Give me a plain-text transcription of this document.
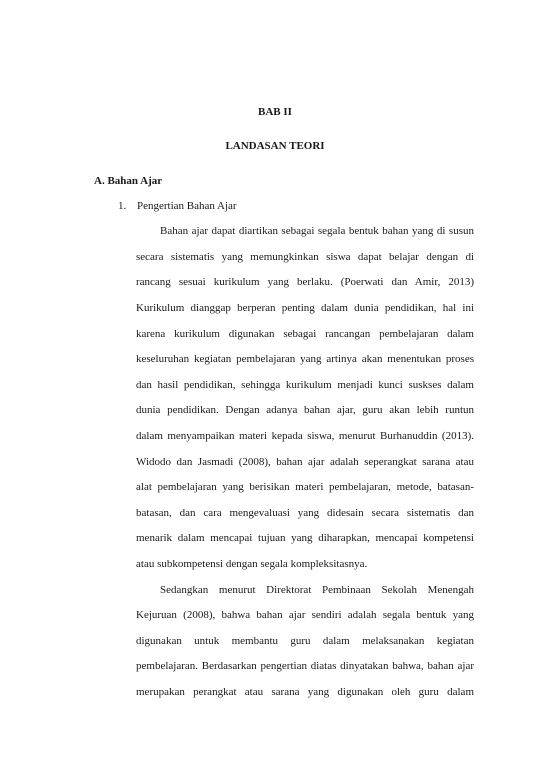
BAB II
LANDASAN TEORI
A. Bahan Ajar
1. Pengertian Bahan Ajar
Bahan ajar dapat diartikan sebagai segala bentuk bahan yang di susun
secara sistematis yang memungkinkan siswa dapat belajar dengan di
rancang sesuai kurikulum yang berlaku. (Poerwati dan Amir, 2013)
Kurikulum dianggap berperan penting dalam dunia pendidikan, hal ini
karena kurikulum digunakan sebagai rancangan pembelajaran dalam
keseluruhan kegiatan pembelajaran yang artinya akan menentukan proses
dan hasil pendidikan, sehingga kurikulum menjadi kunci suskses dalam
dunia pendidikan. Dengan adanya bahan ajar, guru akan lebih runtun
dalam menyampaikan materi kepada siswa, menurut Burhanuddin (2013).
Widodo dan Jasmadi (2008), bahan ajar adalah seperangkat sarana atau
alat pembelajaran yang berisikan materi pembelajaran, metode, batasan-
batasan, dan cara mengevaluasi yang didesain secara sistematis dan
menarik dalam mencapai tujuan yang diharapkan, mencapai kompetensi
atau subkompetensi dengan segala kompleksitasnya.
Sedangkan menurut Direktorat Pembinaan Sekolah Menengah
Kejuruan (2008), bahwa bahan ajar sendiri adalah segala bentuk yang
digunakan untuk membantu guru dalam melaksanakan kegiatan
pembelajaran. Berdasarkan pengertian diatas dinyatakan bahwa, bahan ajar
merupakan perangkat atau sarana yang digunakan oleh guru dalam
